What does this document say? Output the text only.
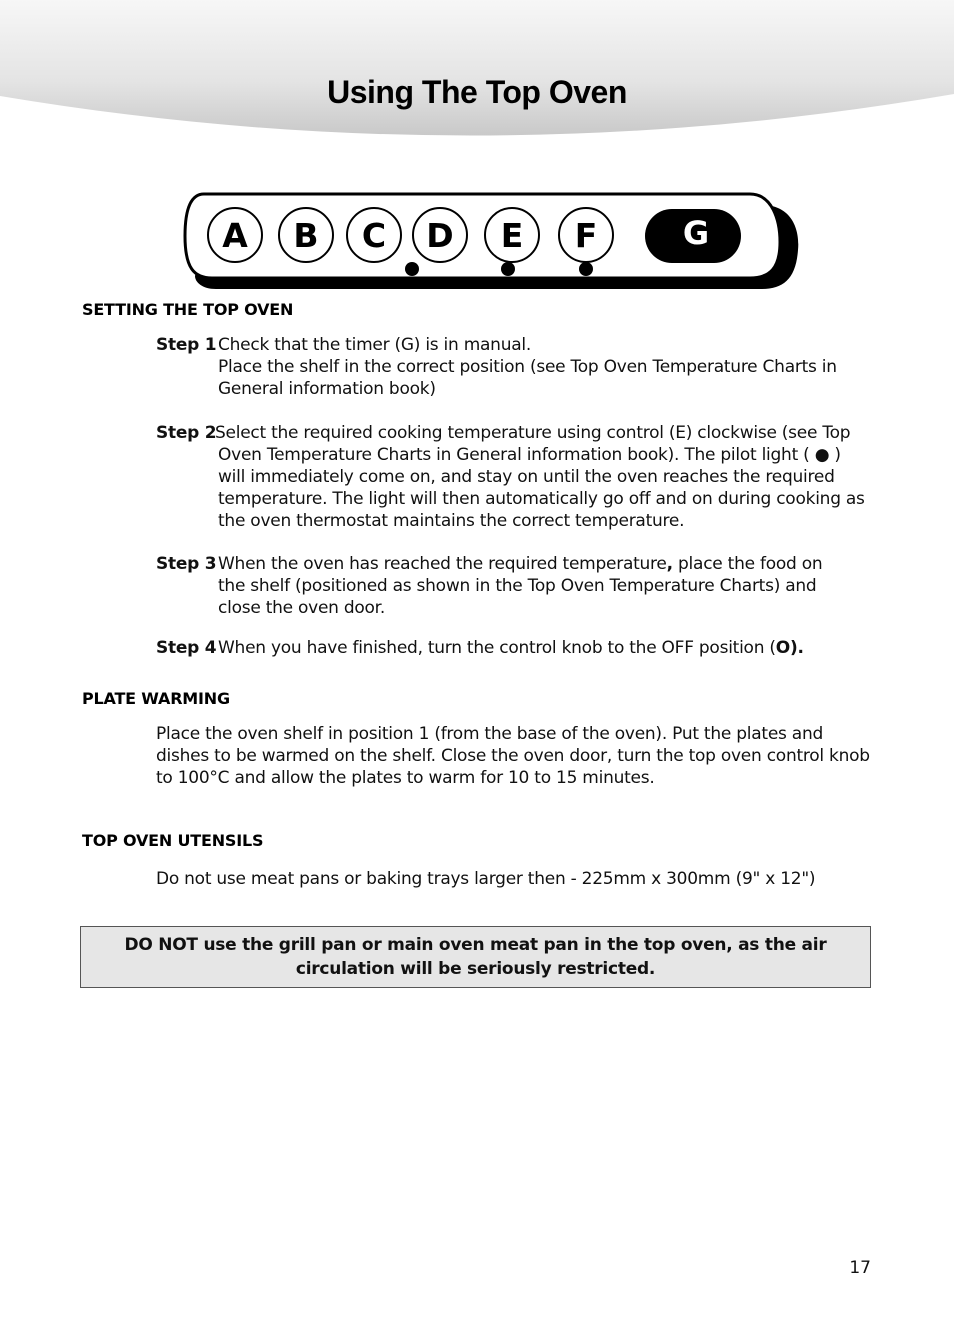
Using The Top Oven
A B C D E F	G
SETTING THE TOP OVEN
Step 1 Check that the timer (G) is in manual.
Place the shelf in the correct position (see Top Oven Temperature Charts in
General information book)
Step 2
Select the required cooking temperature using control (E) clockwise (see Top
Oven Temperature Charts in General information book). The pilot light ( ● )
will immediately come on, and stay on until the oven reaches the required
temperature. The light will then automatically go off and on during cooking as
the oven thermostat maintains the correct temperature.
Step 3 When the oven has reached the required temperature, place the food on
the shelf (positioned as shown in the Top Oven Temperature Charts) and
close the oven door.
Step 4 When you have finished, turn the control knob to the OFF position (O).
PLATE WARMING

Place the oven shelf in position 1 (from the base of the oven). Put the plates and
dishes to be warmed on the shelf. Close the oven door, turn the top oven control knob
to 100°C and allow the plates to warm for 10 to 15 minutes.

TOP OVEN UTENSILS

Do not use meat pans or baking trays larger then - 225mm x 300mm (9" x 12")

DO NOT use the grill pan or main oven meat pan in the top oven, as the air
circulation will be seriously restricted.
17
